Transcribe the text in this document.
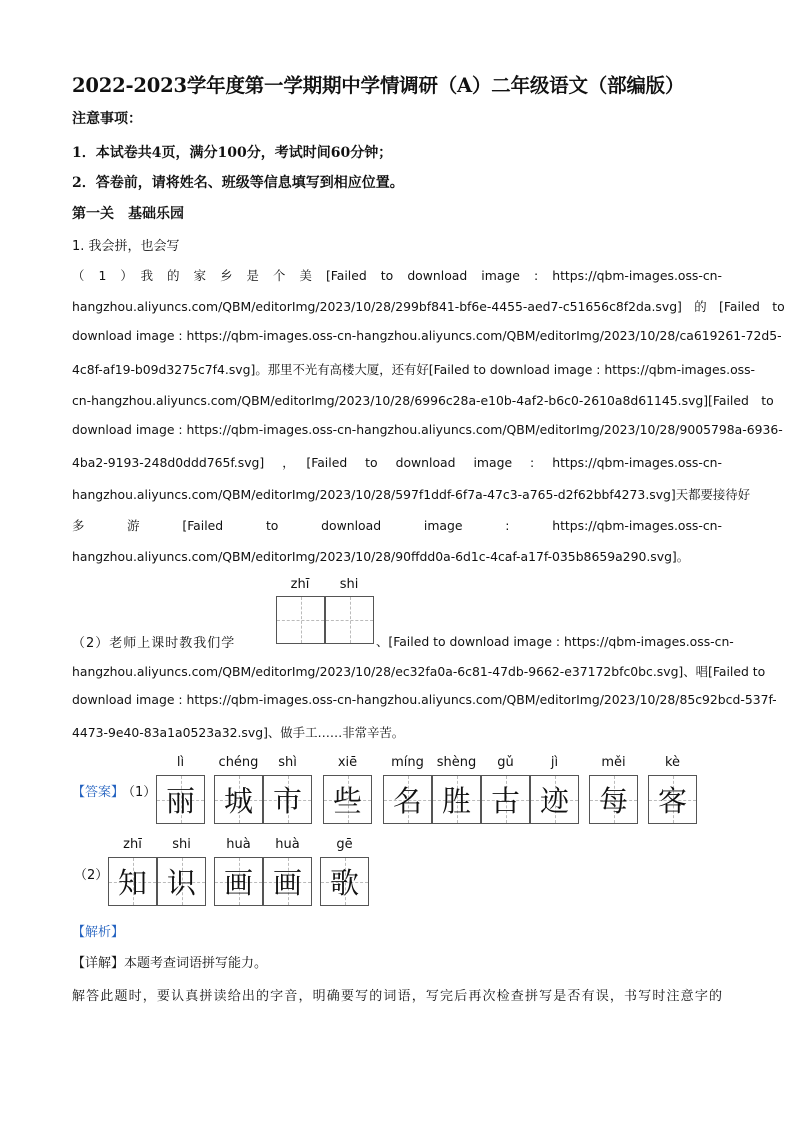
2022-2023学年度第一学期期中学情调研（A）二年级语文（部编版）
注意事项：
1．本试卷共4页，满分100分，考试时间60分钟；
2．答卷前，请将姓名、班级等信息填写到相应位置。
第一关　基础乐园
1. 我会拼，也会写
（　1　）　我　的　家　乡　是　个　美　[Failed　to　download　image　:　https://qbm-images.oss-cn-
hangzhou.aliyuncs.com/QBM/editorImg/2023/10/28/299bf841-bf6e-4455-aed7-c51656c8f2da.svg]　的　[Failed　to
download image : https://qbm-images.oss-cn-hangzhou.aliyuncs.com/QBM/editorImg/2023/10/28/ca619261-72d5-
4c8f-af19-b09d3275c7f4.svg]。那里不光有高楼大厦，还有好[Failed to download image : https://qbm-images.oss-
cn-hangzhou.aliyuncs.com/QBM/editorImg/2023/10/28/6996c28a-e10b-4af2-b6c0-2610a8d61145.svg][Failed　to
download image : https://qbm-images.oss-cn-hangzhou.aliyuncs.com/QBM/editorImg/2023/10/28/9005798a-6936-
4ba2-9193-248d0ddd765f.svg]　，　[Failed　to　download　image　:　https://qbm-images.oss-cn-
hangzhou.aliyuncs.com/QBM/editorImg/2023/10/28/597f1ddf-6f7a-47c3-a765-d2f62bbf4273.svg]天都要接待好
多　游　[Failed　to　download　image　:　https://qbm-images.oss-cn-
hangzhou.aliyuncs.com/QBM/editorImg/2023/10/28/90ffdd0a-6d1c-4caf-a17f-035b8659a290.svg]。
zhī shi
（2）老师上课时教我们学	、[Failed to download image : https://qbm-images.oss-cn-
hangzhou.aliyuncs.com/QBM/editorImg/2023/10/28/ec32fa0a-6c81-47db-9662-e37172bfc0bc.svg]、唱[Failed to
download image : https://qbm-images.oss-cn-hangzhou.aliyuncs.com/QBM/editorImg/2023/10/28/85c92bcd-537f-
4473-9e40-83a1a0523a32.svg]、做手工……非常辛苦。
【答案】
（1）
lì
丽
chéng
城
shì
市
xiē
些
míng
名
shèng
胜
gǔ
古
jì
迹
měi
每
kè
客
（2）
zhī
知
shi
识
huà
画
huà
画
gē
歌
【解析】
【详解】本题考查词语拼写能力。
解答此题时，要认真拼读给出的字音，明确要写的词语，写完后再次检查拼写是否有误，书写时注意字的
